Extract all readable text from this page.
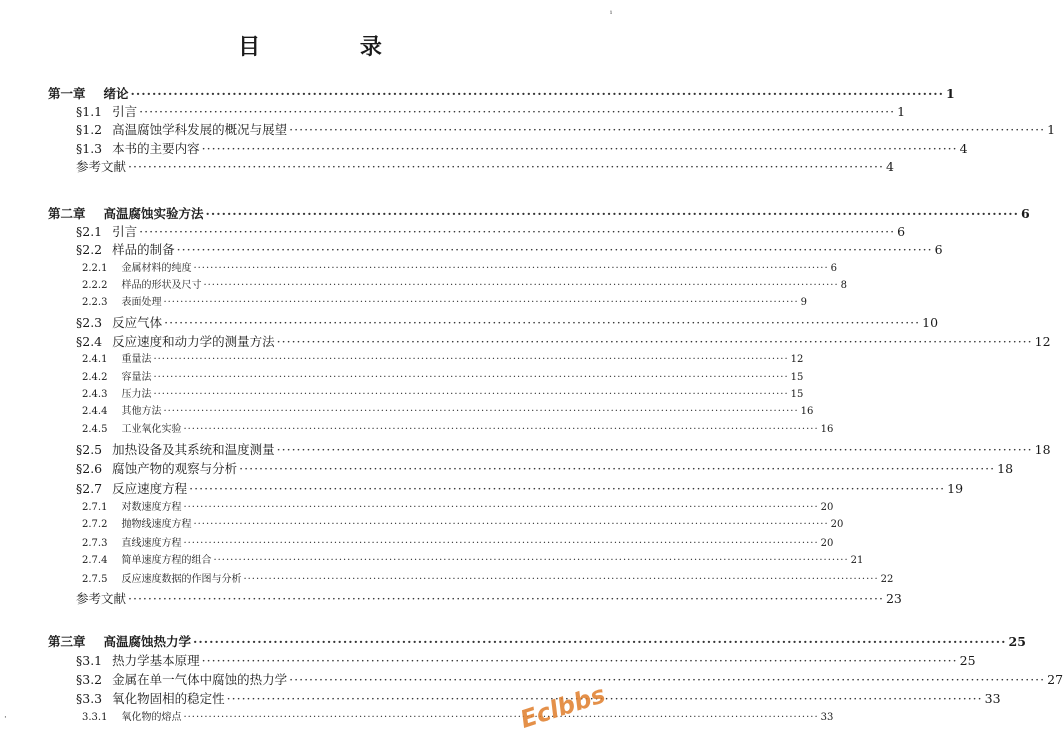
ᵢ
目 录
第一章 绪论 ·····	1
§1.1 引言 ·····	1
§1.2 高温腐蚀学科发展的概况与展望 ·····	1
§1.3 本书的主要内容 ·····	4
参考文献 ·····	4
第二章 高温腐蚀实验方法 ·····	6
§2.1 引言 ·····	6
§2.2 样品的制备 ·····	6
2.2.1 金属材料的纯度 ·····	6
2.2.2 样品的形状及尺寸 ·····	8
2.2.3 表面处理 ·····	9
§2.3 反应气体 ·····	10
§2.4 反应速度和动力学的测量方法 ·····	12
2.4.1 重量法 ·····	12
2.4.2 容量法 ·····	15
2.4.3 压力法 ·····	15
2.4.4 其他方法 ·····	16
2.4.5 工业氧化实验 ·····	16
§2.5 加热设备及其系统和温度测量 ·····	18
§2.6 腐蚀产物的观察与分析 ·····	18
§2.7 反应速度方程 ·····	19
2.7.1 对数速度方程 ·····	20
2.7.2 抛物线速度方程 ·····	20
2.7.3 直线速度方程 ·····	20
2.7.4 简单速度方程的组合 ·····	21
2.7.5 反应速度数据的作图与分析 ·····	22
参考文献 ·····	23
第三章 高温腐蚀热力学 ·····	25
§3.1 热力学基本原理 ·····	25
§3.2 金属在单一气体中腐蚀的热力学 ·····	27
§3.3 氧化物固相的稳定性 ·····	33
3.3.1 氧化物的熔点 ·····	33
·	Eclbbs
